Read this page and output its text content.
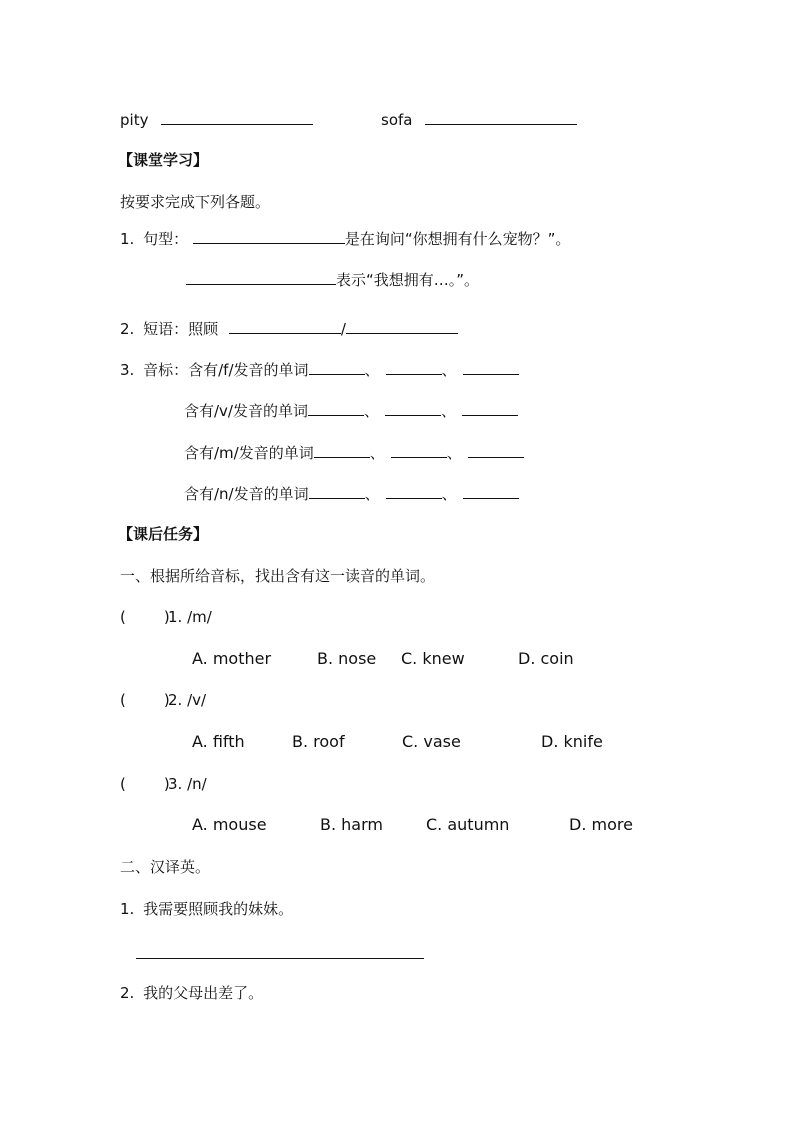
pity	sofa
【课堂学习】
按要求完成下列各题。
1. 句型：	是在询问“你想拥有什么宠物？”。
表示“我想拥有…。”。
2. 短语：照顾	/
3. 音标：含有/f/发音的单词	、	、
含有/v/发音的单词	、	、
含有/m/发音的单词	、	、
含有/n/发音的单词	、	、
【课后任务】
一、根据所给音标，找出含有这一读音的单词。
(	)1. /m/
A. mother	B. nose C. knew	D. coin
(	)2. /v/
A. fifth	B. roof	C. vase	D. knife
(	)3. /n/
A. mouse	B. harm	C. autumn	D. more
二、汉译英。
1. 我需要照顾我的妹妹。
2. 我的父母出差了。
